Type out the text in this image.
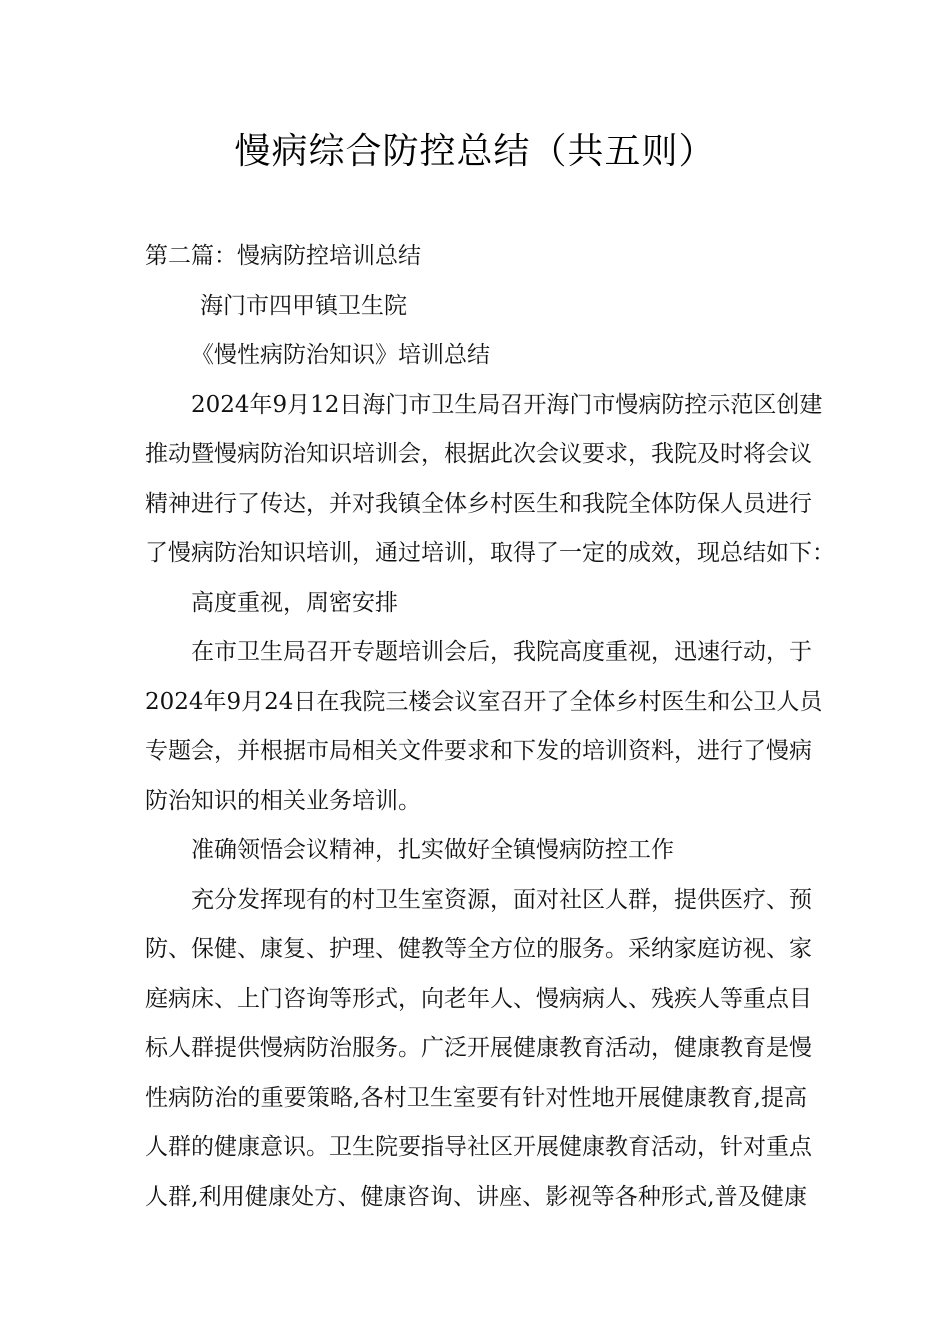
慢病综合防控总结（共五则）
第二篇：慢病防控培训总结
海门市四甲镇卫生院
《慢性病防治知识》培训总结
2024年9月12日海门市卫生局召开海门市慢病防控示范区创建
推动暨慢病防治知识培训会，根据此次会议要求，我院及时将会议
精神进行了传达，并对我镇全体乡村医生和我院全体防保人员进行
了慢病防治知识培训，通过培训，取得了一定的成效，现总结如下：
高度重视，周密安排
在市卫生局召开专题培训会后，我院高度重视，迅速行动，于
2024年9月24日在我院三楼会议室召开了全体乡村医生和公卫人员
专题会，并根据市局相关文件要求和下发的培训资料，进行了慢病
防治知识的相关业务培训。
准确领悟会议精神，扎实做好全镇慢病防控工作
充分发挥现有的村卫生室资源，面对社区人群，提供医疗、预
防、保健、康复、护理、健教等全方位的服务。采纳家庭访视、家
庭病床、上门咨询等形式，向老年人、慢病病人、残疾人等重点目
标人群提供慢病防治服务。广泛开展健康教育活动，健康教育是慢
性病防治的重要策略,各村卫生室要有针对性地开展健康教育,提高
人群的健康意识。卫生院要指导社区开展健康教育活动，针对重点
人群,利用健康处方、健康咨询、讲座、影视等各种形式,普及健康
